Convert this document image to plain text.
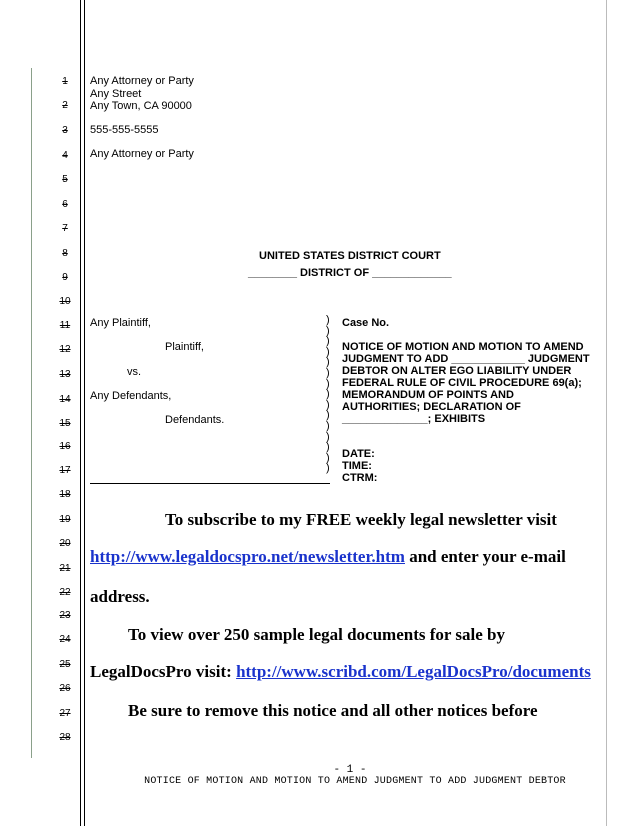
1
2
3
4
5
6
7
8
9
10
11
12
13
14
15
16
17
18
19
20
21
22
23
24
25
26
27
28
Any Attorney or Party
Any Street
Any Town, CA 90000
555-555-5555
Any Attorney or Party
UNITED STATES DISTRICT COURT
________ DISTRICT OF _____________
Any Plaintiff,
Plaintiff,
vs.
Any Defendants,
Defendants.
)
)
)
)
)
)
)
)
)
)
)
)
)
)
)
Case No.
NOTICE OF MOTION AND MOTION TO AMEND
JUDGMENT TO ADD ____________ JUDGMENT
DEBTOR ON ALTER EGO LIABILITY UNDER
FEDERAL RULE OF CIVIL PROCEDURE 69(a);
MEMORANDUM OF POINTS AND
AUTHORITIES; DECLARATION OF
______________; EXHIBITS
DATE:
TIME:
CTRM:
To subscribe to my FREE weekly legal newsletter visit
http://www.legaldocspro.net/newsletter.htm and enter your e-mail
address.
To view over 250 sample legal documents for sale by
LegalDocsPro visit: http://www.scribd.com/LegalDocsPro/documents
Be sure to remove this notice and all other notices before
- 1 -
NOTICE OF MOTION AND MOTION TO AMEND JUDGMENT TO ADD JUDGMENT DEBTOR
